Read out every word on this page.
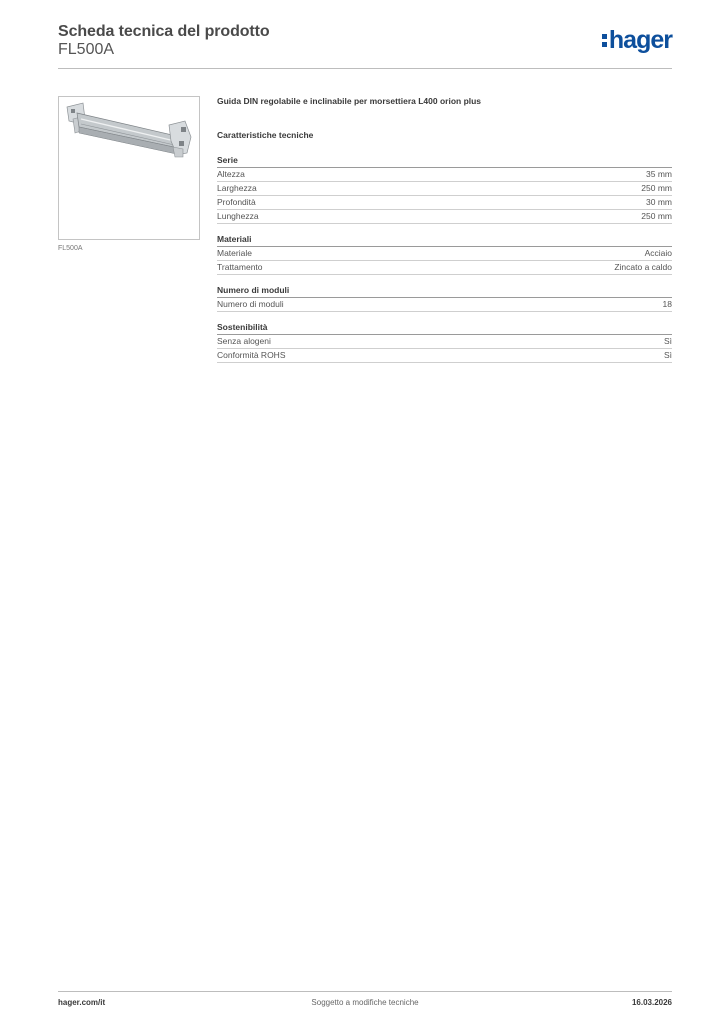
Scheda tecnica del prodotto
FL500A	hager
FL500A
Guida DIN regolabile e inclinabile per morsettiera L400 orion plus
Caratteristiche tecniche
Serie
Altezza	35 mm
Larghezza	250 mm
Profondità	30 mm
Lunghezza	250 mm
Materiali
Materiale	Acciaio
Trattamento	Zincato a caldo
Numero di moduli
Numero di moduli	18
Sostenibilità
Senza alogeni	Sì
Conformità ROHS	Sì
hager.com/it	Soggetto a modifiche tecniche	16.03.2026
